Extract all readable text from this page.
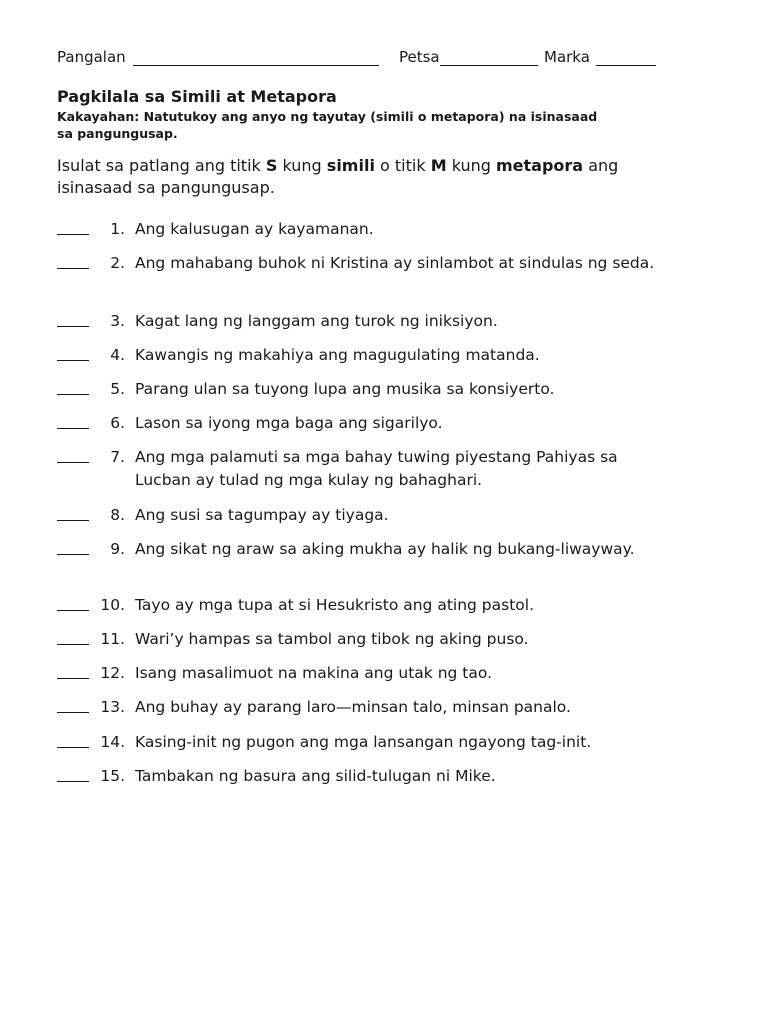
Pangalan	Petsa	Marka
Pagkilala sa Simili at Metapora
Kakayahan: Natutukoy ang anyo ng tayutay (simili o metapora) na isinasaad sa pangungusap.
Isulat sa patlang ang titik S kung simili o titik M kung metapora ang isinasaad sa pangungusap.
1. Ang kalusugan ay kayamanan.
2. Ang mahabang buhok ni Kristina ay sinlambot at sindulas ng seda.
3. Kagat lang ng langgam ang turok ng iniksiyon.
4. Kawangis ng makahiya ang magugulating matanda.
5. Parang ulan sa tuyong lupa ang musika sa konsiyerto.
6. Lason sa iyong mga baga ang sigarilyo.
7. Ang mga palamuti sa mga bahay tuwing piyestang Pahiyas sa Lucban ay tulad ng mga kulay ng bahaghari.
8. Ang susi sa tagumpay ay tiyaga.
9. Ang sikat ng araw sa aking mukha ay halik ng bukang-liwayway.
10. Tayo ay mga tupa at si Hesukristo ang ating pastol.
11. Wari’y hampas sa tambol ang tibok ng aking puso.
12. Isang masalimuot na makina ang utak ng tao.
13. Ang buhay ay parang laro—minsan talo, minsan panalo.
14. Kasing-init ng pugon ang mga lansangan ngayong tag-init.
15. Tambakan ng basura ang silid-tulugan ni Mike.
